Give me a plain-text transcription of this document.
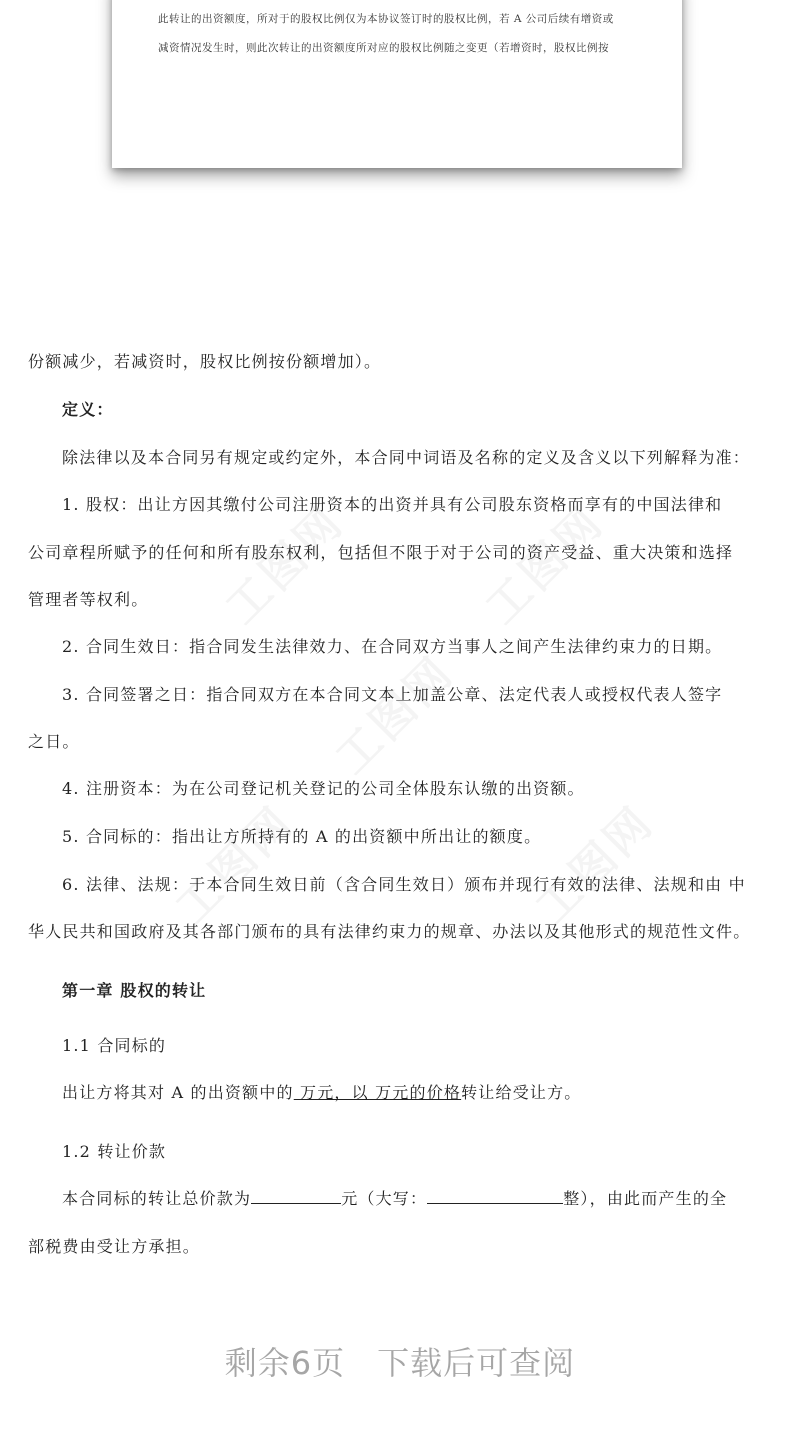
此转让的出资额度，所对于的股权比例仅为本协议签订时的股权比例，若 A 公司后续有增资或
减资情况发生时，则此次转让的出资额度所对应的股权比例随之变更（若增资时，股权比例按
份额减少，若减资时，股权比例按份额增加）。
定义：
除法律以及本合同另有规定或约定外，本合同中词语及名称的定义及含义以下列解释为准：
1. 股权：出让方因其缴付公司注册资本的出资并具有公司股东资格而享有的中国法律和
公司章程所赋予的任何和所有股东权利，包括但不限于对于公司的资产受益、重大决策和选择
管理者等权利。
2. 合同生效日：指合同发生法律效力、在合同双方当事人之间产生法律约束力的日期。
3. 合同签署之日：指合同双方在本合同文本上加盖公章、法定代表人或授权代表人签字
之日。
4. 注册资本：为在公司登记机关登记的公司全体股东认缴的出资额。
5. 合同标的：指出让方所持有的 A 的出资额中所出让的额度。
6. 法律、法规：于本合同生效日前（含合同生效日）颁布并现行有效的法律、法规和由 中
华人民共和国政府及其各部门颁布的具有法律约束力的规章、办法以及其他形式的规范性文件。
第一章 股权的转让
1.1 合同标的
出让方将其对 A 的出资额中的 万元，以 万元的价格转让给受让方。
1.2 转让价款
本合同标的转让总价款为	元（大写：	整），由此而产生的全
部税费由受让方承担。
剩余6页 下载后可查阅
